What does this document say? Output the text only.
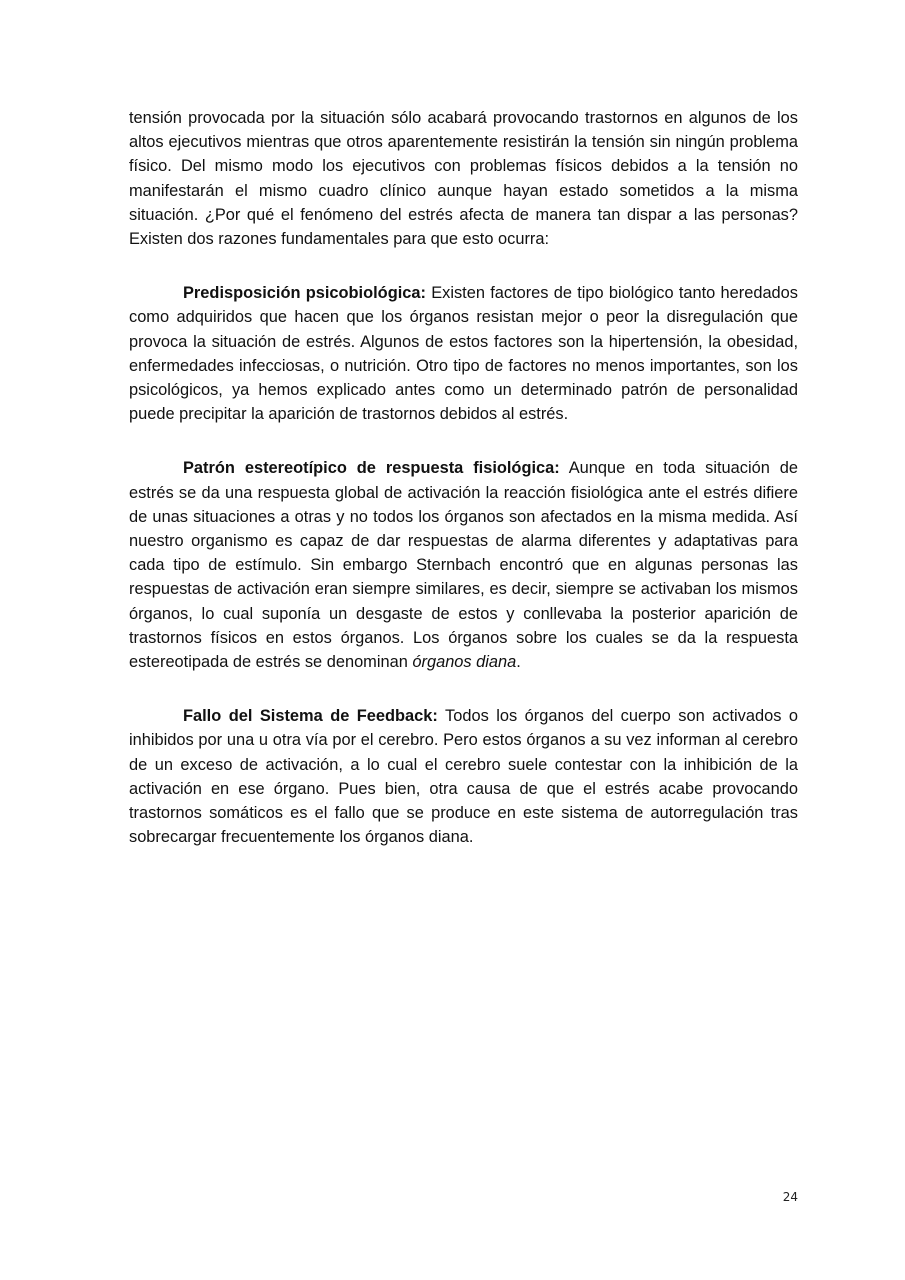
tensión provocada por la situación sólo acabará provocando trastornos en algunos de los altos ejecutivos mientras que otros aparentemente resistirán la tensión sin ningún problema físico. Del mismo modo los ejecutivos con problemas físicos debidos a la tensión no manifestarán el mismo cuadro clínico aunque hayan estado sometidos a la misma situación. ¿Por qué el fenómeno del estrés afecta de manera tan dispar a las personas? Existen dos razones fundamentales para que esto ocurra:

Predisposición psicobiológica: Existen factores de tipo biológico tanto heredados como adquiridos que hacen que los órganos resistan mejor o peor la disregulación que provoca la situación de estrés. Algunos de estos factores son la hipertensión, la obesidad, enfermedades infecciosas, o nutrición. Otro tipo de factores no menos importantes, son los psicológicos, ya hemos explicado antes como un determinado patrón de personalidad puede precipitar la aparición de trastornos debidos al estrés.

Patrón estereotípico de respuesta fisiológica: Aunque en toda situación de estrés se da una respuesta global de activación la reacción fisiológica ante el estrés difiere de unas situaciones a otras y no todos los órganos son afectados en la misma medida. Así nuestro organismo es capaz de dar respuestas de alarma diferentes y adaptativas para cada tipo de estímulo. Sin embargo Sternbach encontró que en algunas personas las respuestas de activación eran siempre similares, es decir, siempre se activaban los mismos órganos, lo cual suponía un desgaste de estos y conllevaba la posterior aparición de trastornos físicos en estos órganos. Los órganos sobre los cuales se da la respuesta estereotipada de estrés se denominan órganos diana.

Fallo del Sistema de Feedback: Todos los órganos del cuerpo son activados o inhibidos por una u otra vía por el cerebro. Pero estos órganos a su vez informan al cerebro de un exceso de activación, a lo cual el cerebro suele contestar con la inhibición de la activación en ese órgano. Pues bien, otra causa de que el estrés acabe provocando trastornos somáticos es el fallo que se produce en este sistema de autorregulación tras sobrecargar frecuentemente los órganos diana.

24
